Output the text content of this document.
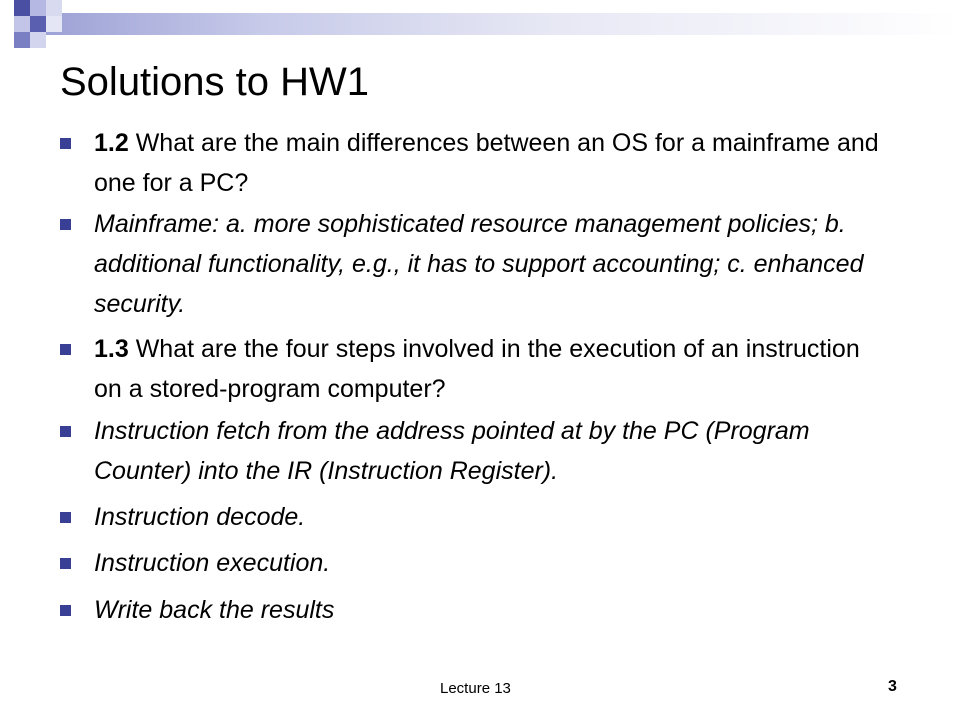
Solutions to HW1
1.2 What are the main differences between an OS for a mainframe and one for a PC?
Mainframe: a. more sophisticated resource management policies; b. additional functionality, e.g., it has to support accounting; c. enhanced security.
1.3 What are the four steps involved in the execution of an instruction on a stored-program computer?
Instruction fetch from the address pointed at by the PC (Program Counter) into the IR (Instruction Register).
Instruction decode.
Instruction execution.
Write back the results
Lecture 13	3
